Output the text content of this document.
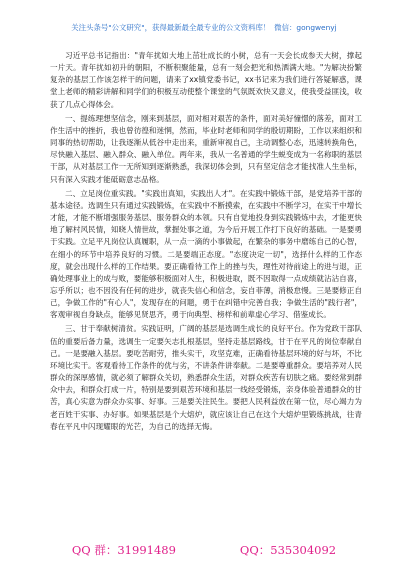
关注头条号"公文研究"，获得最新最全最专业的公文资料库！ 微信：gongwenyj

习近平总书记指出："青年扰如大地上茁壮成长的小树，总有一天会长成参天大树，撑起一片天。青年扰如初升的朝阳，不断积聚能量，总有一刻会把光和热洒满大地。"为解决扮繁复杂的基层工作该怎样干的问题，请来了xx镇党委书记，xx书记来为我们进行答疑解惑，课堂上老师的精彩讲解和同学们的积极互动使整个课堂的气氛既欢快又意义，使我受益匪浅，收获了几点心得体会。

一、提练理想坚信念，刚来到基层，面对相对艰苦的条件，面对美好憧憬的落差，面对工作生活中的挫折，我也曾彷徨和迷惘，然而，毕业时老师和同学的殷切期盼，工作以来组织和同事的热切帮助，让我逐渐从低谷中走出来，重新审视自己，主动调整心态，迅速转换角色，尽快融入基层、融入群众、融入单位。两年来，我从一名普通的学生蜕变成为一名称职的基层干部，从对基层工作一无所知到逐渐熟悉，我深切体会到，只有坚定信念才能找准人生坐标，只有深入实践才能砥砺意志品格。

二、立足岗位重实践。"实践出真知，实践出人才"。在实践中锻炼干部，是党培养干部的基本途径。选调生只有通过实践锻炼，在实践中不断摸索，在实践中不断学习，在实干中增长才能，才能不断增强服务基层、服务群众的本领。只有自觉地投身到实践锻炼中去，才能更快地了解村风民情，知晓人情世故，掌握处事之道，为今后开展工作打下良好的基础。一是要勇于实践。立足平凡岗位认真履职，从一点一滴的小事做起，在繁杂的事务中磨练自己的心智，在细小的环节中培养良好的习惯。二是要端正态度。"态度决定一切"，选择什么样的工作态度，就会出现什么样的工作结果。要正确看待工作上的挫与失，理性对待前途上的进与退，正确处理事业上的成与败，要能够积极面对人生，积极进取，既不因取得一点成绩就沾沾自喜，忘乎所以；也不因没有任何的进步，就丧失信心和信念，妄自菲薄，消极怠慢。三是要修正自己，争做工作的"有心人"，发现存在的问题，勇于在纠错中完善自我；争做生活的"践行者"，客观审视自身缺点，能够见贤思齐，勇于向典型、榜样和前辈虚心学习、借鉴成长。

三、甘于奉献树清贫。实践证明，广阔的基层是选调生成长的良好平台。作为党政干部队伍的重要后备力量，选调生一定要矢志扎根基层，坚持走基层路线，甘于在平凡的岗位奉献自己。一是要融入基层。要吃苦耐劳，推头实干，攻坚克难，正确看待基层环境的好与坏，不比环境比实干。客观看待工作条件的优与劣，不讲条件讲奉献。二是要尊重群众。要培养对人民群众的深厚感情，就必须了解群众关切，熟悉群众生活，对群众疾苦有切肤之痛。要经常到群众中去，和群众打成一片，特别是要到艰苦环境和基层一线经受锻炼，亲身体验普通群众的甘苦，真心实意为群众办实事、好事。三是要关注民生。要把人民利益放在第一位，尽心竭力为老百姓干实事、办好事。如果基层是个大熔炉，就应该让自己在这个大熔炉里锻炼挑战，往青春在平凡中闪现耀眼的光芒，为自己的选择无悔。

QQ 群：31991489	QQ：535304092
